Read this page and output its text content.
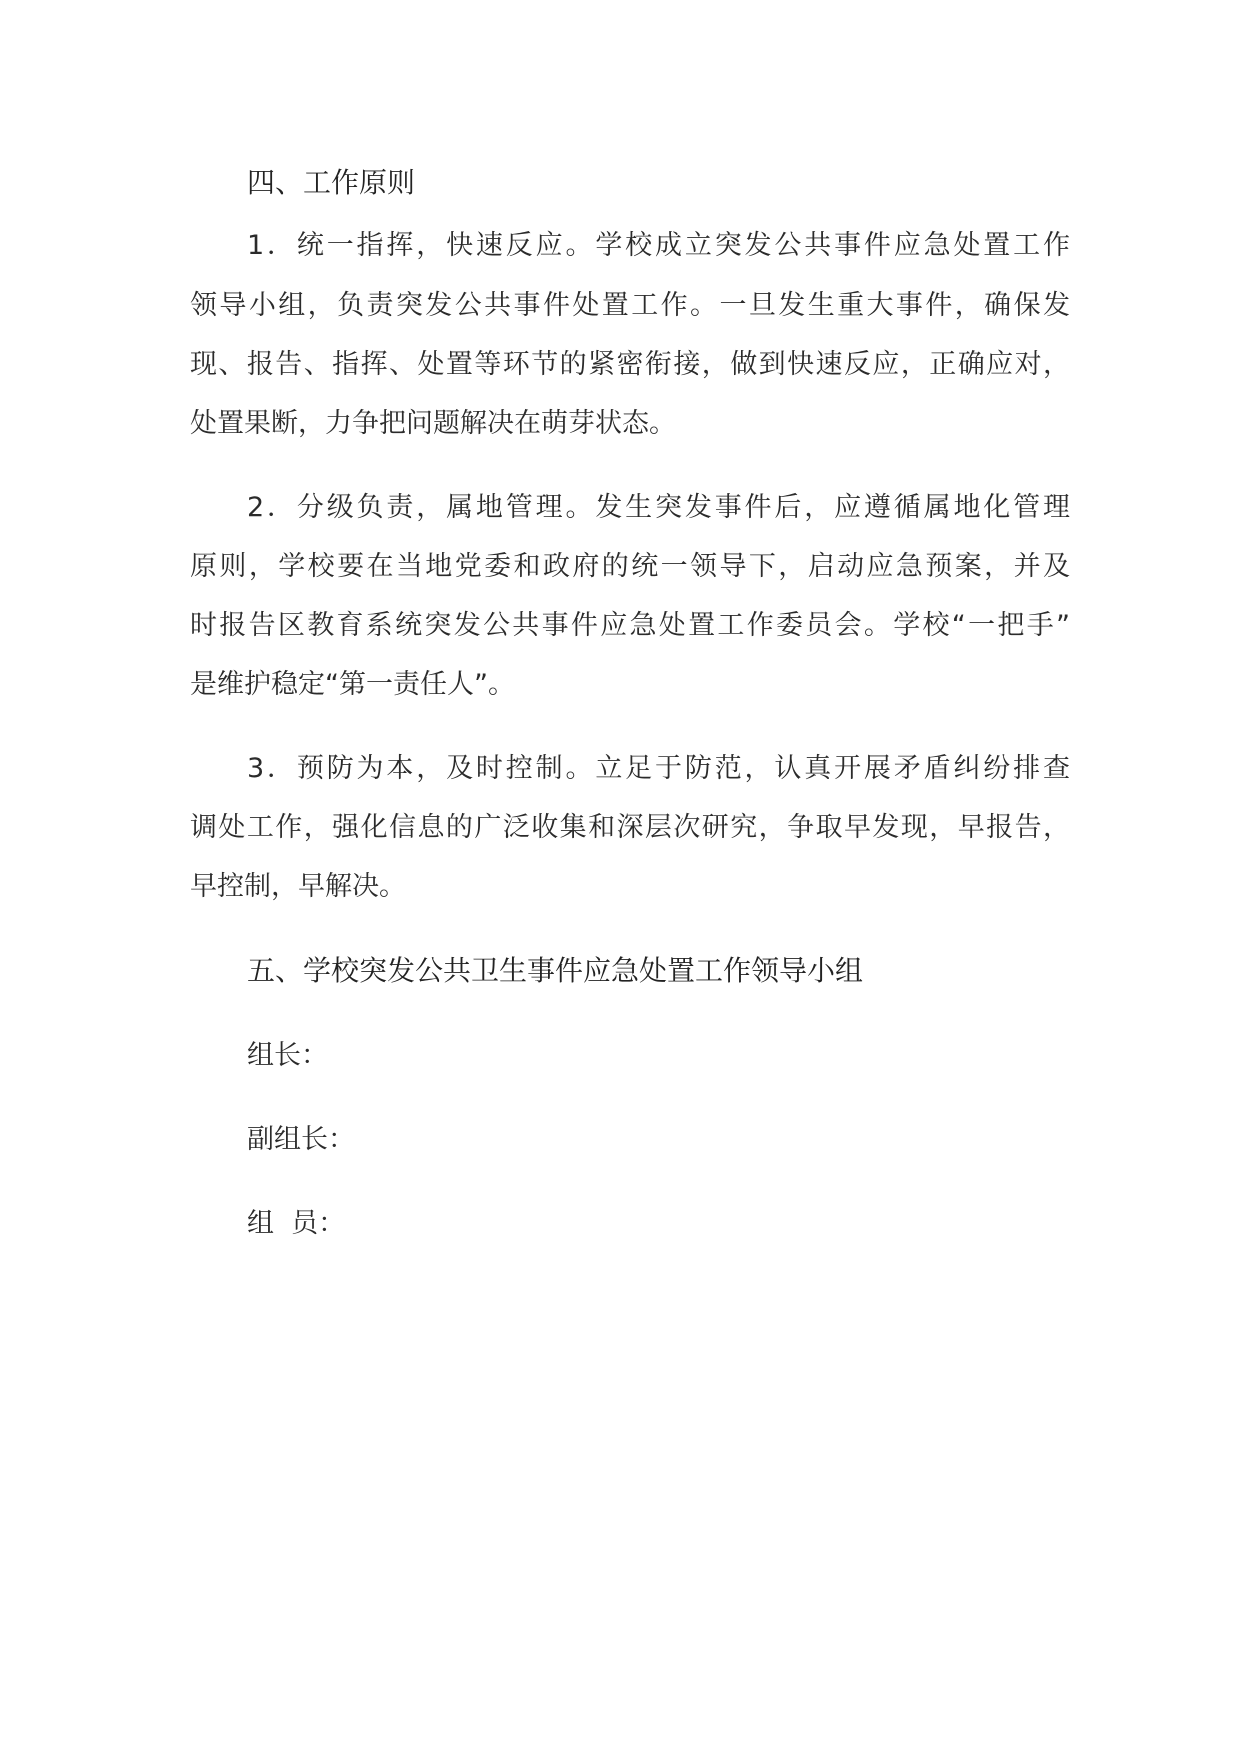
四、工作原则
1．统一指挥，快速反应。学校成立突发公共事件应急处置工作
领导小组，负责突发公共事件处置工作。一旦发生重大事件，确保发
现、报告、指挥、处置等环节的紧密衔接，做到快速反应，正确应对，
处置果断，力争把问题解决在萌芽状态。
2．分级负责，属地管理。发生突发事件后，应遵循属地化管理
原则，学校要在当地党委和政府的统一领导下，启动应急预案，并及
时报告区教育系统突发公共事件应急处置工作委员会。学校“一把手”
是维护稳定“第一责任人”。
3．预防为本，及时控制。立足于防范，认真开展矛盾纠纷排查
调处工作，强化信息的广泛收集和深层次研究，争取早发现，早报告，
早控制，早解决。
五、学校突发公共卫生事件应急处置工作领导小组
组长：
副组长：
组  员：
